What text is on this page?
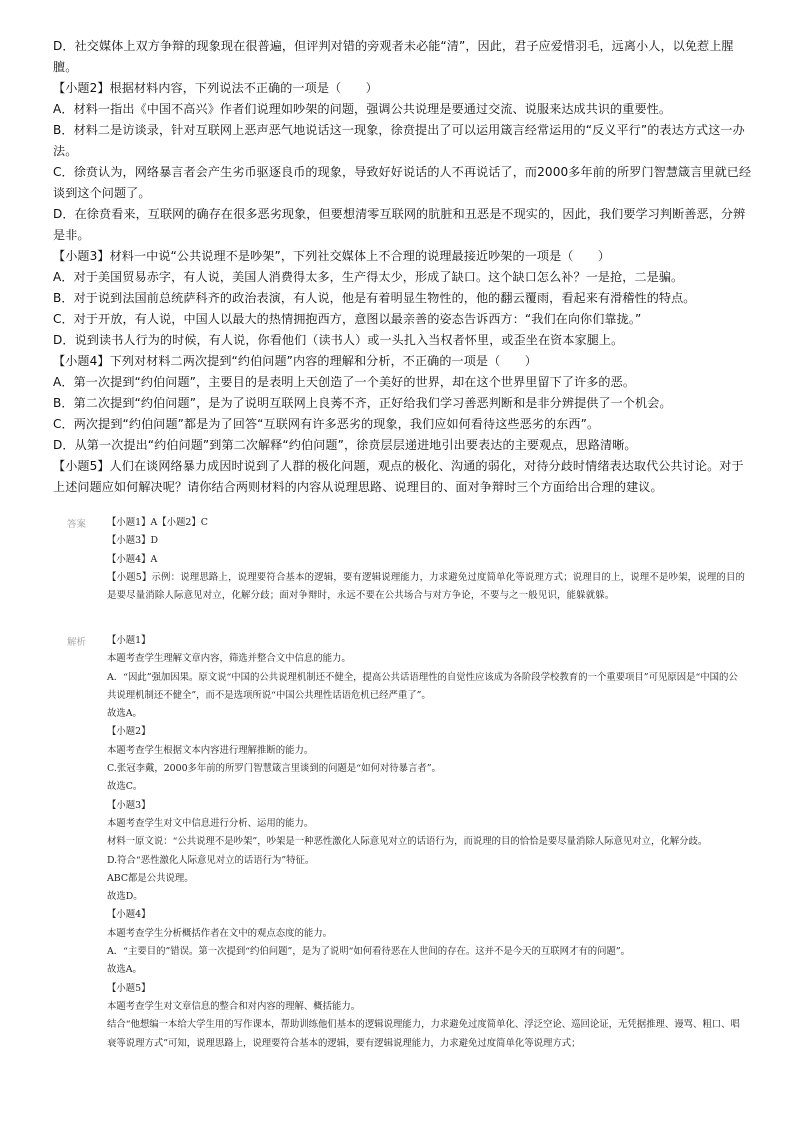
D．社交媒体上双方争辩的现象现在很普遍，但评判对错的旁观者未必能“清”，因此，君子应爱惜羽毛，远离小人，以免惹上腥膻。

【小题2】根据材料内容，下列说法不正确的一项是（　　）

A．材料一指出《中国不高兴》作者们说理如吵架的问题，强调公共说理是要通过交流、说服来达成共识的重要性。

B．材料二是访谈录，针对互联网上恶声恶气地说话这一现象，徐贲提出了可以运用箴言经常运用的“反义平行”的表达方式这一办法。

C．徐贲认为，网络暴言者会产生劣币驱逐良币的现象，导致好好说话的人不再说话了，而2000多年前的所罗门智慧箴言里就已经谈到这个问题了。

D．在徐贲看来，互联网的确存在很多恶劣现象，但要想清零互联网的肮脏和丑恶是不现实的，因此，我们要学习判断善恶，分辨是非。

【小题3】材料一中说“公共说理不是吵架”，下列社交媒体上不合理的说理最接近吵架的一项是（　　）

A．对于美国贸易赤字，有人说，美国人消费得太多，生产得太少，形成了缺口。这个缺口怎么补？一是抢，二是骗。

B．对于说到法国前总统萨科齐的政治表演，有人说，他是有着明显生物性的，他的翻云覆雨，看起来有滑稽性的特点。

C．对于开放，有人说，中国人以最大的热情拥抱西方，意图以最亲善的姿态告诉西方：“我们在向你们靠拢。”

D．说到读书人行为的时候，有人说，你看他们（读书人）或一头扎入当权者怀里，或歪坐在资本家腿上。

【小题4】下列对材料二两次提到“约伯问题”内容的理解和分析，不正确的一项是（　　）

A．第一次提到“约伯问题”，主要目的是表明上天创造了一个美好的世界，却在这个世界里留下了许多的恶。

B．第二次提到“约伯问题”，是为了说明互联网上良莠不齐，正好给我们学习善恶判断和是非分辨提供了一个机会。

C．两次提到“约伯问题”都是为了回答“互联网有许多恶劣的现象，我们应如何看待这些恶劣的东西”。

D．从第一次提出“约伯问题”到第二次解释“约伯问题”，徐贲层层递进地引出要表达的主要观点，思路清晰。

【小题5】人们在谈网络暴力成因时说到了人群的极化问题，观点的极化、沟通的弱化，对待分歧时情绪表达取代公共讨论。对于上述问题应如何解决呢？请你结合两则材料的内容从说理思路、说理目的、面对争辩时三个方面给出合理的建议。

答案 【小题1】A【小题2】C

【小题3】D

【小题4】A

【小题5】示例：说理思路上，说理要符合基本的逻辑，要有逻辑说理能力，力求避免过度简单化等说理方式；说理目的上，说理不是吵架，说理的目的是要尽量消除人际意见对立，化解分歧；面对争辩时，永远不要在公共场合与对方争论，不要与之一般见识，能躲就躲。

解析 【小题1】

本题考查学生理解文章内容，筛选并整合文中信息的能力。

A．“因此”强加因果。原文说“中国的公共说理机制还不健全，提高公共话语理性的自觉性应该成为各阶段学校教育的一个重要项目”可见原因是“中国的公共说理机制还不健全”，而不是选项所说“中国公共理性话语危机已经严重了”。

故选A。

【小题2】

本题考查学生根据文本内容进行理解推断的能力。

C.张冠李戴，2000多年前的所罗门智慧箴言里谈到的问题是“如何对待暴言者”。

故选C。

【小题3】

本题考查学生对文中信息进行分析、运用的能力。

材料一原文说：“公共说理不是吵架”，吵架是一种恶性激化人际意见对立的话语行为，而说理的目的恰恰是要尽量消除人际意见对立，化解分歧。

D.符合“恶性激化人际意见对立的话语行为”特征。

ABC都是公共说理。

故选D。

【小题4】

本题考查学生分析概括作者在文中的观点态度的能力。

A．“主要目的”错误。第一次提到“约伯问题”，是为了说明“如何看待恶在人世间的存在。这并不是今天的互联网才有的问题”。

故选A。

【小题5】

本题考查学生对文章信息的整合和对内容的理解、概括能力。

结合“他想编一本给大学生用的写作课本，帮助训练他们基本的逻辑说理能力，力求避免过度简单化、浮泛空论、巡回论证，无凭据推理、谩骂、粗口、唱衰等说理方式”可知，说理思路上，说理要符合基本的逻辑，要有逻辑说理能力，力求避免过度简单化等说理方式；
